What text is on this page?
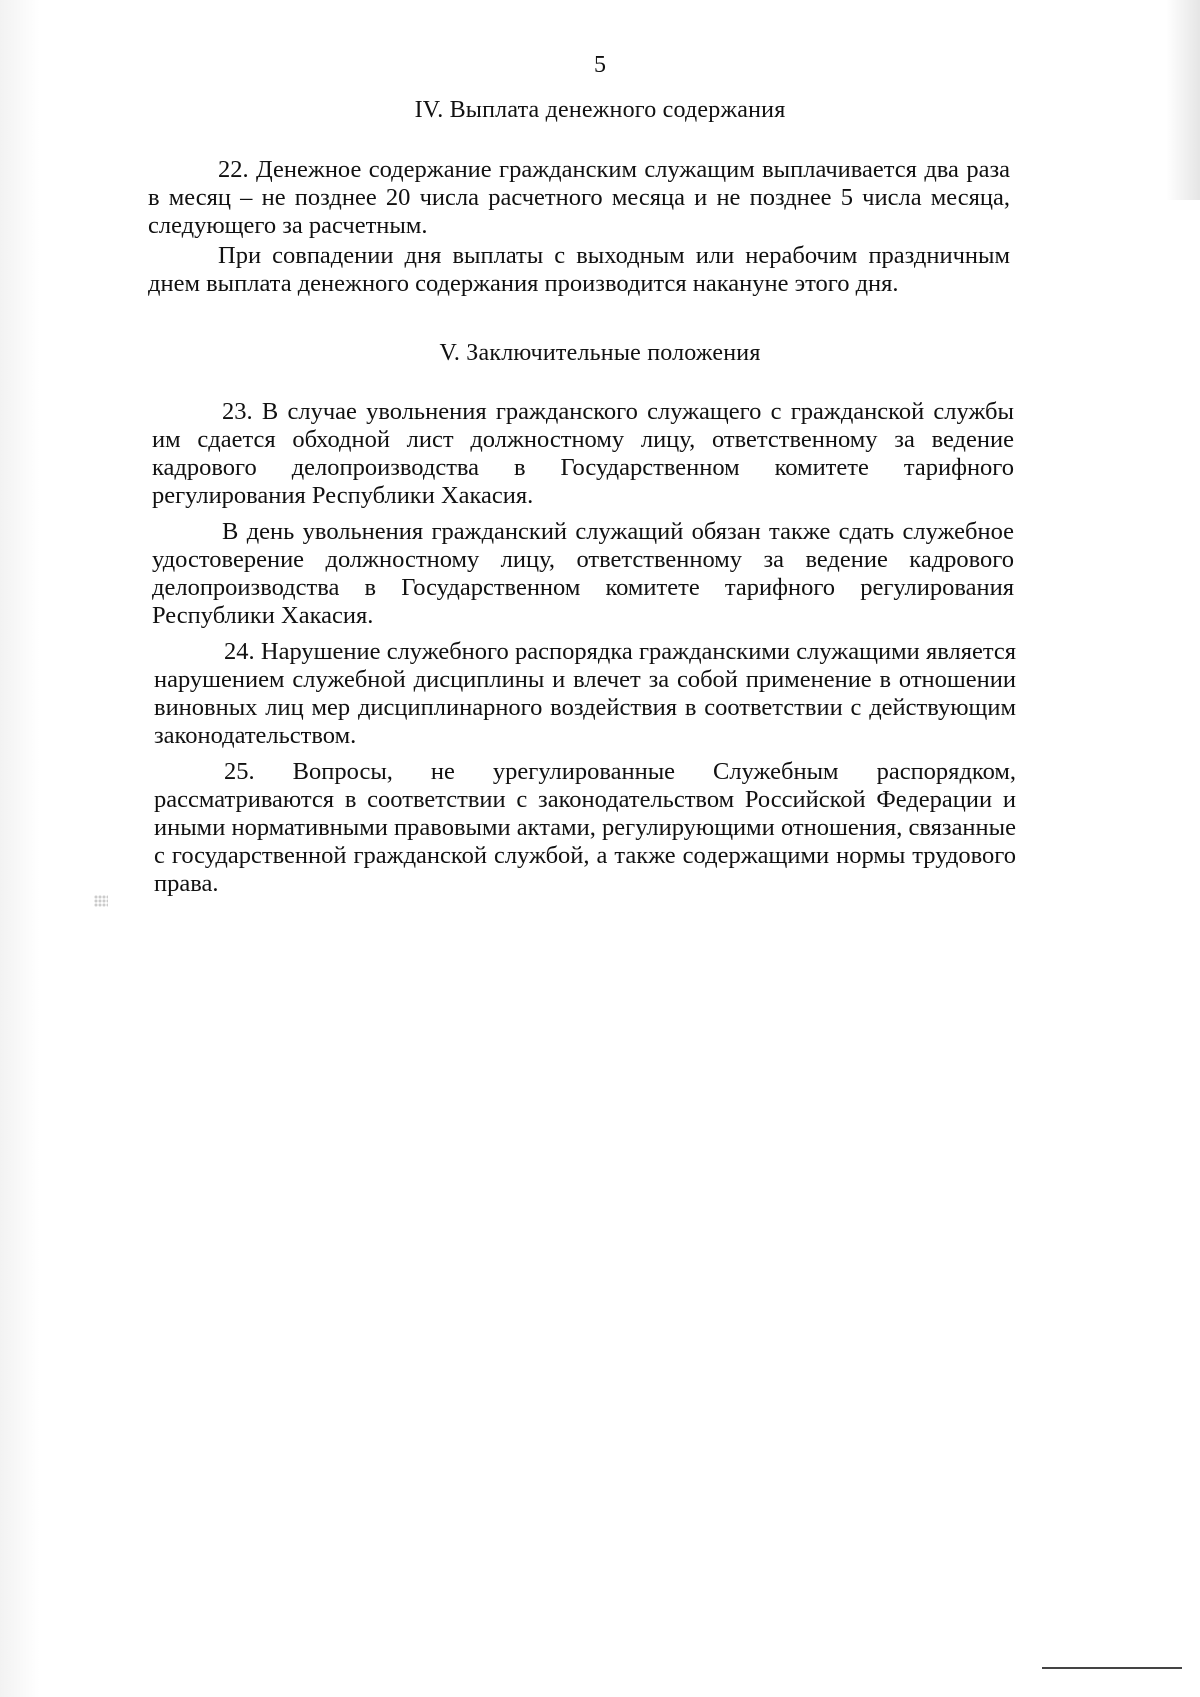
5
IV. Выплата денежного содержания

22. Денежное содержание гражданским служащим выплачивается два раза в месяц – не позднее 20 числа расчетного месяца и не позднее 5 числа месяца, следующего за расчетным.

При совпадении дня выплаты с выходным или нерабочим праздничным днем выплата денежного содержания производится накануне этого дня.

V. Заключительные положения

23. В случае увольнения гражданского служащего с гражданской службы им сдается обходной лист должностному лицу, ответственному за ведение кадрового делопроизводства в Государственном комитете тарифного регулирования Республики Хакасия.

В день увольнения гражданский служащий обязан также сдать служебное удостоверение должностному лицу, ответственному за ведение кадрового делопроизводства в Государственном комитете тарифного регулирования Республики Хакасия.

24. Нарушение служебного распорядка гражданскими служащими является нарушением служебной дисциплины и влечет за собой применение в отношении виновных лиц мер дисциплинарного воздействия в соответствии с действующим законодательством.

25. Вопросы, не урегулированные Служебным распорядком, рассматриваются в соответствии с законодательством Российской Федерации и иными нормативными правовыми актами, регулирующими отношения, связанные с государственной гражданской службой, а также содержащими нормы трудового права.
